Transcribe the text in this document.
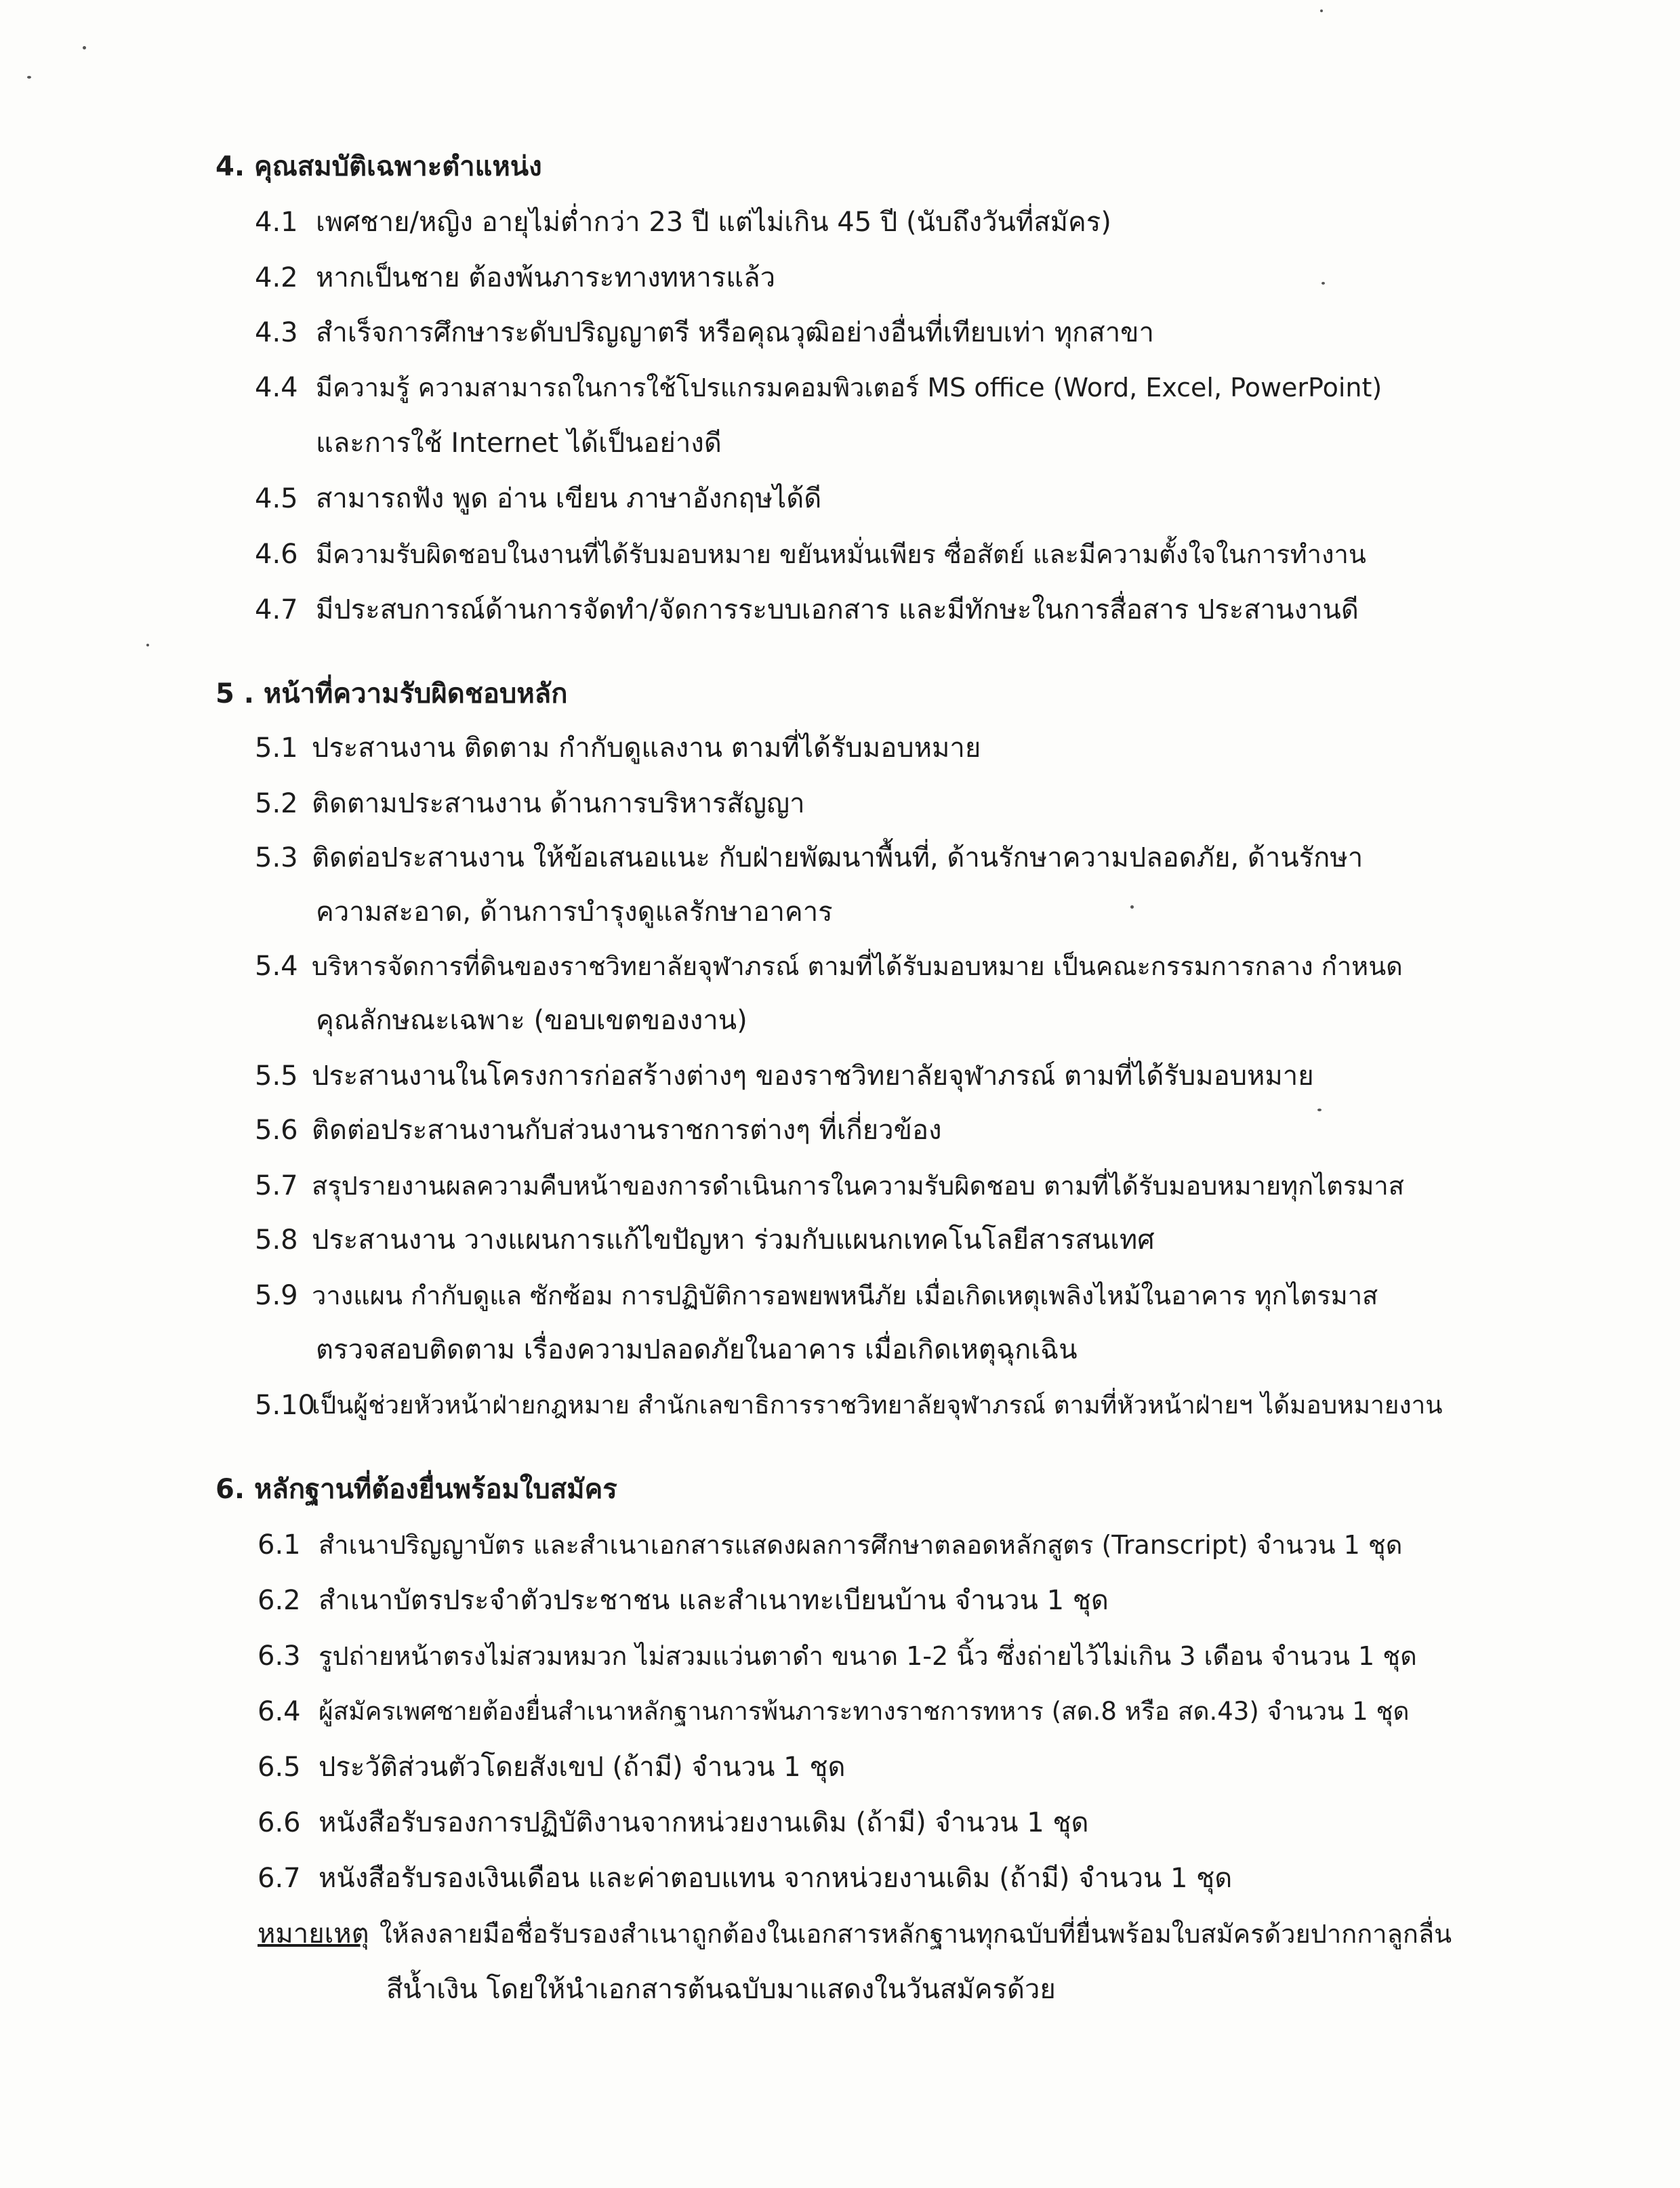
4. คุณสมบัติเฉพาะตำแหน่ง
4.1 เพศชาย/หญิง อายุไม่ต่ำกว่า 23 ปี แต่ไม่เกิน 45 ปี (นับถึงวันที่สมัคร)
4.2 หากเป็นชาย ต้องพ้นภาระทางทหารแล้ว
4.3 สำเร็จการศึกษาระดับปริญญาตรี หรือคุณวุฒิอย่างอื่นที่เทียบเท่า ทุกสาขา
4.4 มีความรู้ ความสามารถในการใช้โปรแกรมคอมพิวเตอร์ MS office (Word, Excel, PowerPoint)
และการใช้ Internet ได้เป็นอย่างดี
4.5 สามารถฟัง พูด อ่าน เขียน ภาษาอังกฤษได้ดี
4.6 มีความรับผิดชอบในงานที่ได้รับมอบหมาย ขยันหมั่นเพียร ซื่อสัตย์ และมีความตั้งใจในการทำงาน
4.7 มีประสบการณ์ด้านการจัดทำ/จัดการระบบเอกสาร และมีทักษะในการสื่อสาร ประสานงานดี
5 . หน้าที่ความรับผิดชอบหลัก
5.1 ประสานงาน ติดตาม กำกับดูแลงาน ตามที่ได้รับมอบหมาย
5.2 ติดตามประสานงาน ด้านการบริหารสัญญา
5.3 ติดต่อประสานงาน ให้ข้อเสนอแนะ กับฝ่ายพัฒนาพื้นที่, ด้านรักษาความปลอดภัย, ด้านรักษา
ความสะอาด, ด้านการบำรุงดูแลรักษาอาคาร
5.4 บริหารจัดการที่ดินของราชวิทยาลัยจุฬาภรณ์ ตามที่ได้รับมอบหมาย เป็นคณะกรรมการกลาง กำหนด
คุณลักษณะเฉพาะ (ขอบเขตของงาน)
5.5 ประสานงานในโครงการก่อสร้างต่างๆ ของราชวิทยาลัยจุฬาภรณ์ ตามที่ได้รับมอบหมาย
5.6 ติดต่อประสานงานกับส่วนงานราชการต่างๆ ที่เกี่ยวข้อง
5.7 สรุปรายงานผลความคืบหน้าของการดำเนินการในความรับผิดชอบ ตามที่ได้รับมอบหมายทุกไตรมาส
5.8 ประสานงาน วางแผนการแก้ไขปัญหา ร่วมกับแผนกเทคโนโลยีสารสนเทศ
5.9 วางแผน กำกับดูแล ซักซ้อม การปฏิบัติการอพยพหนีภัย เมื่อเกิดเหตุเพลิงไหม้ในอาคาร ทุกไตรมาส
ตรวจสอบติดตาม เรื่องความปลอดภัยในอาคาร เมื่อเกิดเหตุฉุกเฉิน
5.10
เป็นผู้ช่วยหัวหน้าฝ่ายกฎหมาย สำนักเลขาธิการราชวิทยาลัยจุฬาภรณ์ ตามที่หัวหน้าฝ่ายฯ ได้มอบหมายงาน
6. หลักฐานที่ต้องยื่นพร้อมใบสมัคร
6.1 สำเนาปริญญาบัตร และสำเนาเอกสารแสดงผลการศึกษาตลอดหลักสูตร (Transcript) จำนวน 1 ชุด
6.2 สำเนาบัตรประจำตัวประชาชน และสำเนาทะเบียนบ้าน จำนวน 1 ชุด
6.3 รูปถ่ายหน้าตรงไม่สวมหมวก ไม่สวมแว่นตาดำ ขนาด 1-2 นิ้ว ซึ่งถ่ายไว้ไม่เกิน 3 เดือน จำนวน 1 ชุด
6.4 ผู้สมัครเพศชายต้องยื่นสำเนาหลักฐานการพ้นภาระทางราชการทหาร (สด.8 หรือ สด.43) จำนวน 1 ชุด
6.5 ประวัติส่วนตัวโดยสังเขป (ถ้ามี) จำนวน 1 ชุด
6.6 หนังสือรับรองการปฏิบัติงานจากหน่วยงานเดิม (ถ้ามี) จำนวน 1 ชุด
6.7 หนังสือรับรองเงินเดือน และค่าตอบแทน จากหน่วยงานเดิม (ถ้ามี) จำนวน 1 ชุด
หมายเหตุ ให้ลงลายมือชื่อรับรองสำเนาถูกต้องในเอกสารหลักฐานทุกฉบับที่ยื่นพร้อมใบสมัครด้วยปากกาลูกลื่น
สีน้ำเงิน โดยให้นำเอกสารต้นฉบับมาแสดงในวันสมัครด้วย
